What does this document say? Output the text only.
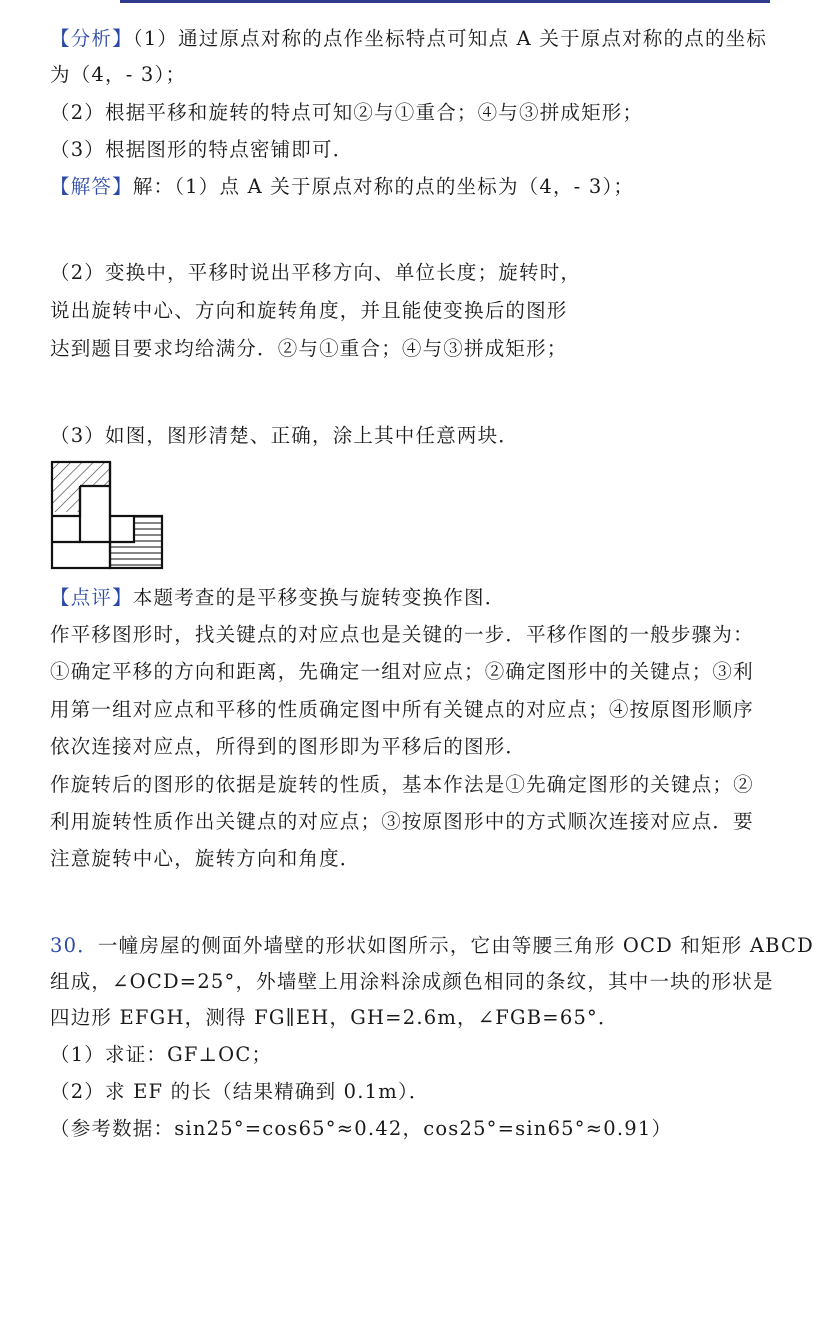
【分析】（1）通过原点对称的点作坐标特点可知点 A 关于原点对称的点的坐标
为（4，- 3）；
（2）根据平移和旋转的特点可知②与①重合；④与③拼成矩形；
（3）根据图形的特点密铺即可．
【解答】解：（1）点 A 关于原点对称的点的坐标为（4，- 3）；
（2）变换中，平移时说出平移方向、单位长度；旋转时，
说出旋转中心、方向和旋转角度，并且能使变换后的图形
达到题目要求均给满分．②与①重合；④与③拼成矩形；
（3）如图，图形清楚、正确，涂上其中任意两块．
【点评】本题考查的是平移变换与旋转变换作图．
作平移图形时，找关键点的对应点也是关键的一步．平移作图的一般步骤为：
①确定平移的方向和距离，先确定一组对应点；②确定图形中的关键点；③利
用第一组对应点和平移的性质确定图中所有关键点的对应点；④按原图形顺序
依次连接对应点，所得到的图形即为平移后的图形．
作旋转后的图形的依据是旋转的性质，基本作法是①先确定图形的关键点；②
利用旋转性质作出关键点的对应点；③按原图形中的方式顺次连接对应点．要
注意旋转中心，旋转方向和角度．
30．一幢房屋的侧面外墙壁的形状如图所示，它由等腰三角形 OCD 和矩形 ABCD
组成，∠OCD=25°，外墙壁上用涂料涂成颜色相同的条纹，其中一块的形状是
四边形 EFGH，测得 FG∥EH，GH=2.6m，∠FGB=65°．
（1）求证：GF⊥OC；
（2）求 EF 的长（结果精确到 0.1m）．
（参考数据：sin25°=cos65°≈0.42，cos25°=sin65°≈0.91）
